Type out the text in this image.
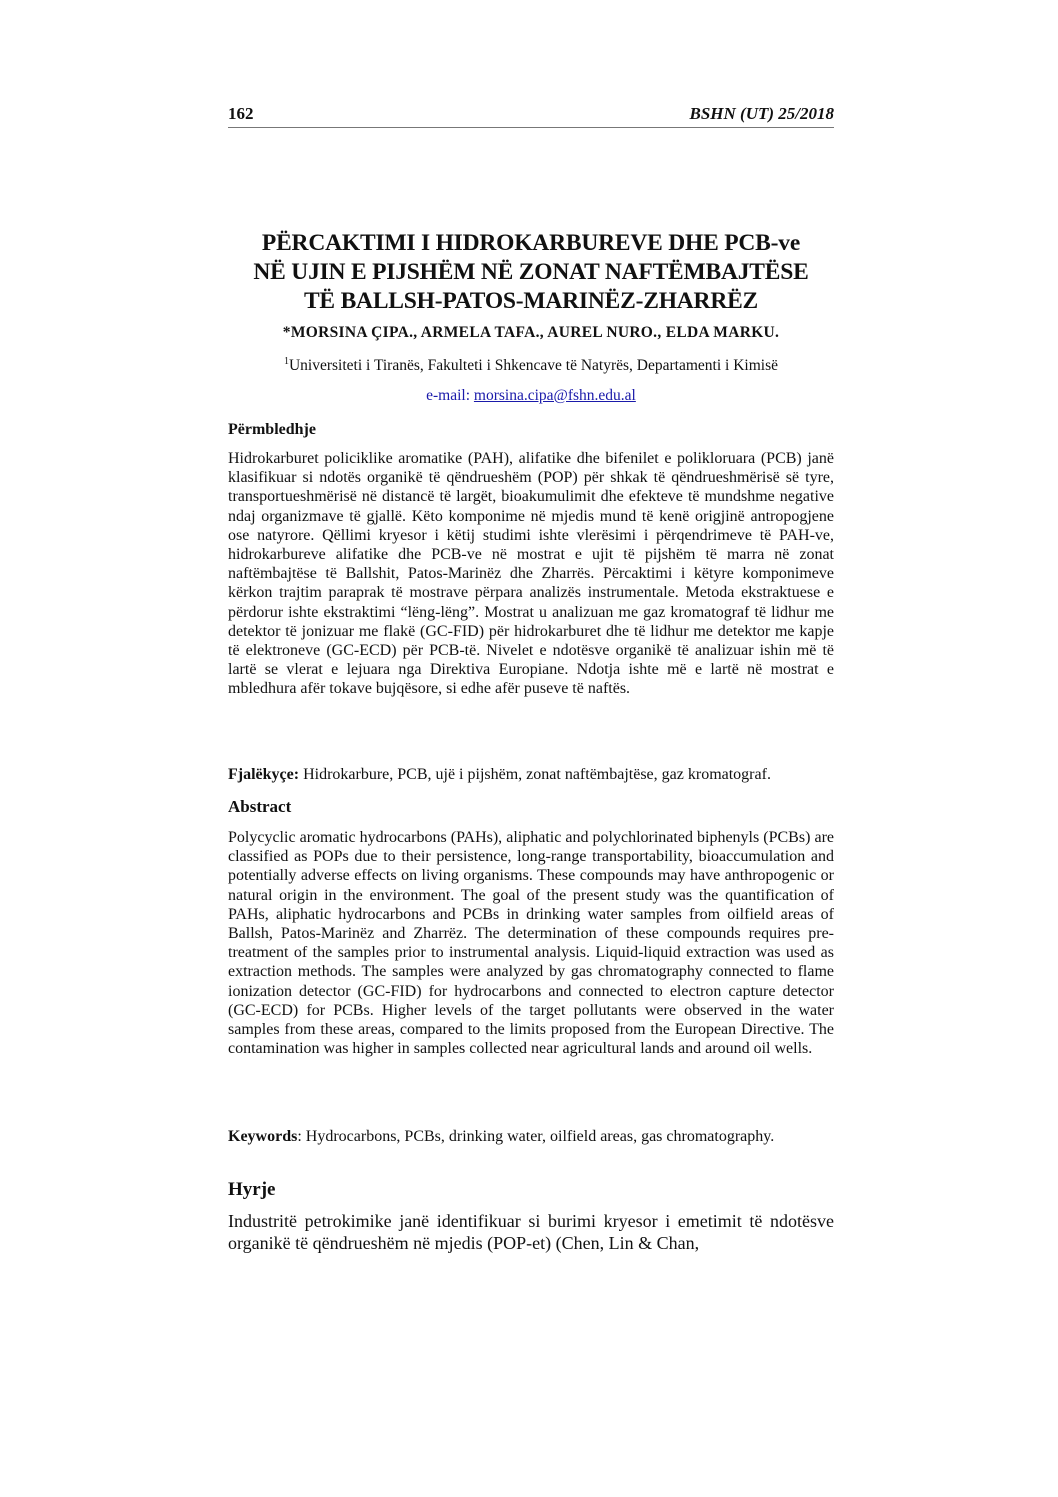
162	BSHN (UT) 25/2018
PËRCAKTIMI I HIDROKARBUREVE DHE PCB-ve
NË UJIN E PIJSHËM NË ZONAT NAFTËMBAJTËSE
TË BALLSH-PATOS-MARINËZ-ZHARRËZ
*MORSINA ÇIPA., ARMELA TAFA., AUREL NURO., ELDA MARKU.
$^1$Universiteti i Tiranës, Fakulteti i Shkencave të Natyrës, Departamenti i Kimisë
e-mail: morsina.cipa@fshn.edu.al
Përmbledhje
Hidrokarburet policiklike aromatike (PAH), alifatike dhe bifenilet e poliklоruara (PCB) janë klasifikuar si ndotës organikë të qëndrueshëm (POP) për shkak të qëndrueshmërisë së tyre, transportueshmërisë në distancë të largët, bioakumulimit dhe efekteve të mundshme negative ndaj organizmave të gjallë. Këto komponime në mjedis mund të kenë origjinë antropogjene ose natyrore. Qëllimi kryesor i këtij studimi ishte vlerësimi i përqendrimeve të PAH-ve, hidrokarbureve alifatike dhe PCB-ve në mostrat e ujit të pijshëm të marra në zonat naftëmbajtëse të Ballshit, Patos-Marinëz dhe Zharrës. Përcaktimi i këtyre komponimeve kërkon trajtim paraprak të mostrave përpara analizës instrumentale. Metoda ekstraktuese e përdorur ishte ekstraktimi “lëng-lëng”. Mostrat u analizuan me gaz kromatograf të lidhur me detektor të jonizuar me flakë (GC-FID) për hidrokarburet dhe të lidhur me detektor me kapje të elektroneve (GC-ECD) për PCB-të. Nivelet e ndotësve organikë të analizuar ishin më të lartë se vlerat e lejuara nga Direktiva Europiane. Ndotja ishte më e lartë në mostrat e mbledhura afër tokave bujqësore, si edhe afër puseve të naftës.
Fjalëkyçe: Hidrokarbure, PCB, ujë i pijshëm, zonat naftëmbajtëse, gaz kromatograf.
Abstract
Polycyclic aromatic hydrocarbons (PAHs), aliphatic and polychlorinated biphenyls (PCBs) are classified as POPs due to their persistence, long-range transportability, bioaccumulation and potentially adverse effects on living organisms. These compounds may have anthropogenic or natural origin in the environment. The goal of the present study was the quantification of PAHs, aliphatic hydrocarbons and PCBs in drinking water samples from oilfield areas of Ballsh, Patos-Marinëz and Zharrëz. The determination of these compounds requires pre-treatment of the samples prior to instrumental analysis. Liquid-liquid extraction was used as extraction methods. The samples were analyzed by gas chromatography connected to flame ionization detector (GC-FID) for hydrocarbons and connected to electron capture detector (GC-ECD) for PCBs. Higher levels of the target pollutants were observed in the water samples from these areas, compared to the limits proposed from the European Directive. The contamination was higher in samples collected near agricultural lands and around oil wells.
Keywords: Hydrocarbons, PCBs, drinking water, oilfield areas, gas chromatography.
Hyrje
Industritë petrokimike janë identifikuar si burimi kryesor i emetimit të ndotësve organikë të qëndrueshëm në mjedis (POP-et) (Chen, Lin & Chan,
